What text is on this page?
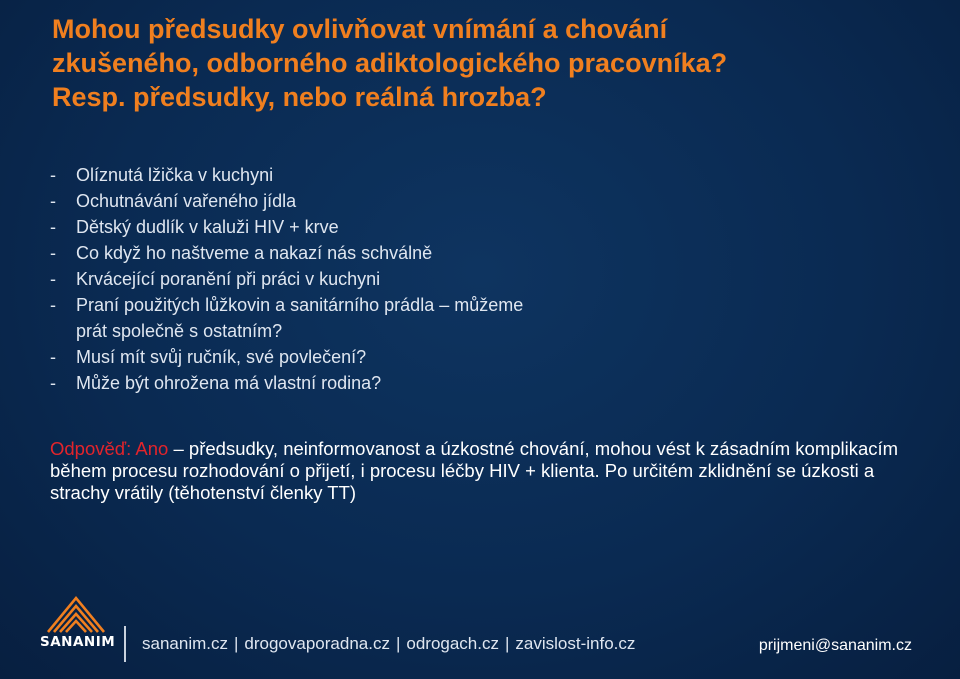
Mohou předsudky ovlivňovat vnímání a chování
zkušeného, odborného adiktologického pracovníka?
Resp. předsudky, nebo reálná hrozba?
-	Olíznutá lžička v kuchyni
-	Ochutnávání vařeného jídla
-	Dětský dudlík v kaluži HIV + krve
-	Co když ho naštveme a nakazí nás schválně
-	Krvácející poranění při práci v kuchyni
-	Praní použitých lůžkovin a sanitárního prádla – můžeme
prát společně s ostatním?
-	Musí mít svůj ručník, své povlečení?
-	Může být ohrožena má vlastní rodina?

Odpověď: Ano – předsudky, neinformovanost a úzkostné chování, mohou vést k zásadním komplikacím během procesu rozhodování o přijetí, i procesu léčby HIV + klienta. Po určitém zklidnění se úzkosti a strachy vrátily (těhotenství členky TT)

SANANIM sananim.cz | drogovaporadna.cz | odrogach.cz | zavislost-info.cz	prijmeni@sananim.cz
